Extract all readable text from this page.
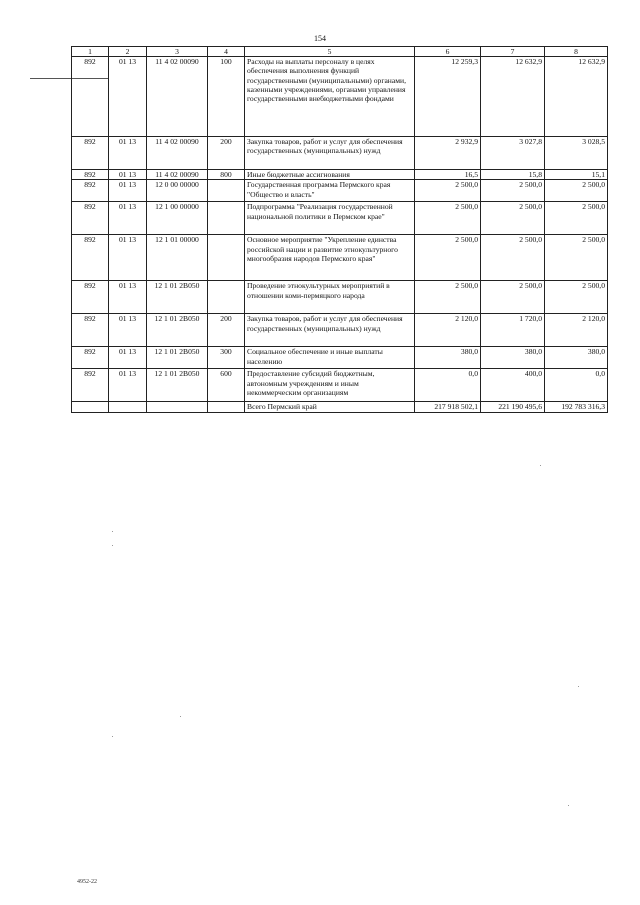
154
1	2	3	4	5	6	7	8
892	01 13	11 4 02 00090	100	Расходы на выплаты персоналу в целях обеспечения выполнения функций государственными (муниципальными) органами, казенными учреждениями, органами управления государственными внебюджетными фондами	12 259,3	12 632,9	12 632,9
892	01 13	11 4 02 00090	200	Закупка товаров, работ и услуг для обеспечения государственных (муниципальных) нужд	2 932,9	3 027,8	3 028,5
892	01 13	11 4 02 00090	800	Иные бюджетные ассигнования	16,5	15,8	15,1
892	01 13	12 0 00 00000		Государственная программа Пермского края "Общество и власть"	2 500,0	2 500,0	2 500,0
892	01 13	12 1 00 00000		Подпрограмма "Реализация государственной национальной политики в Пермском крае"	2 500,0	2 500,0	2 500,0
892	01 13	12 1 01 00000		Основное мероприятие "Укрепление единства российской нации и развитие этнокультурного многообразия народов Пермского края"	2 500,0	2 500,0	2 500,0
892	01 13	12 1 01 2В050		Проведение этнокультурных мероприятий в отношении коми-пермяцкого народа	2 500,0	2 500,0	2 500,0
892	01 13	12 1 01 2В050	200	Закупка товаров, работ и услуг для обеспечения государственных (муниципальных) нужд	2 120,0	1 720,0	2 120,0
892	01 13	12 1 01 2В050	300	Социальное обеспечение и иные выплаты населению	380,0	380,0	380,0
892	01 13	12 1 01 2В050	600	Предоставление субсидий бюджетным, автономным учреждениям и иным некоммерческим организациям	0,0	400,0	0,0
				Всего Пермский край	217 918 502,1	221 190 495,6	192 783 316,3
4952-22
